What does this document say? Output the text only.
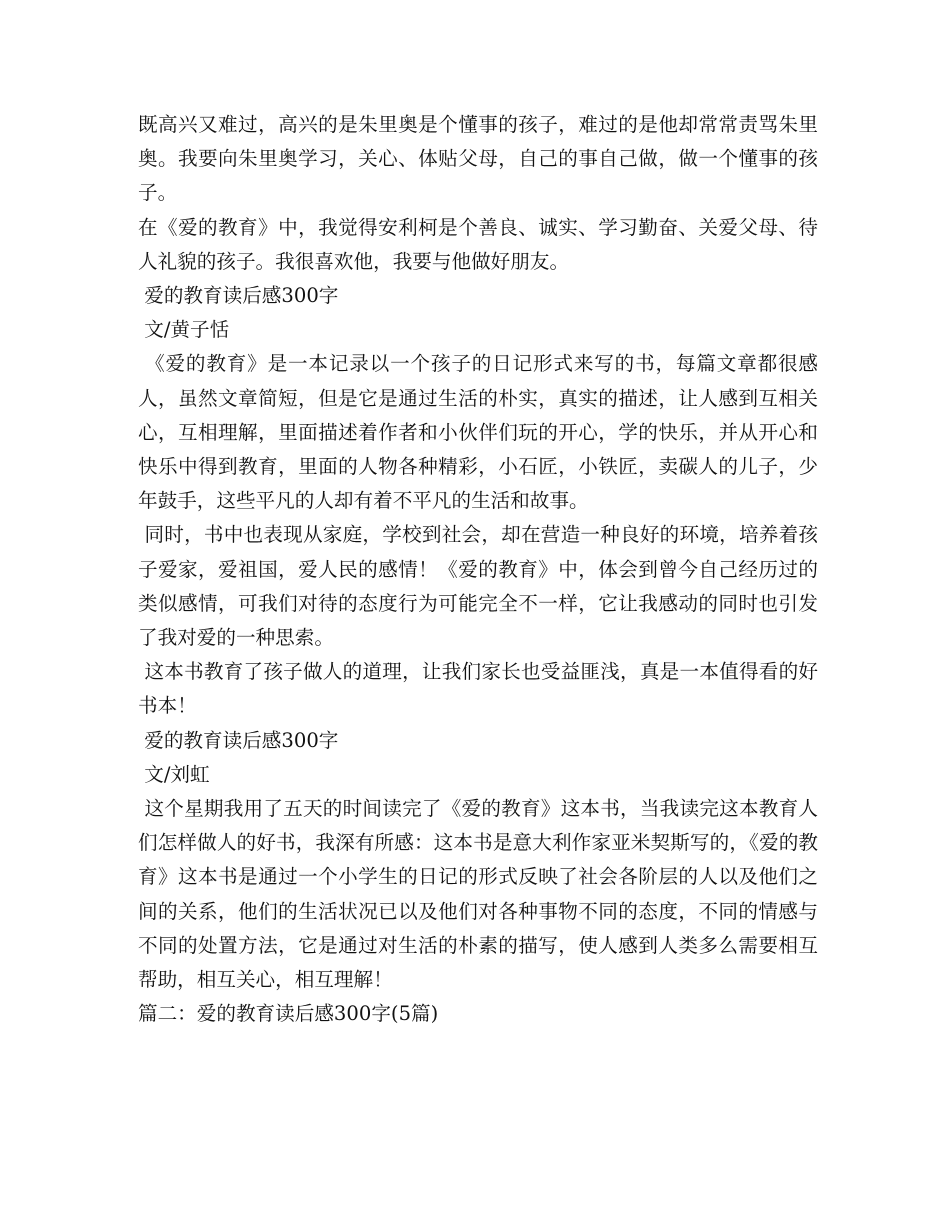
既高兴又难过，高兴的是朱里奥是个懂事的孩子，难过的是他却常常责骂朱里奥。我要向朱里奥学习，关心、体贴父母，自己的事自己做，做一个懂事的孩子。

在《爱的教育》中，我觉得安利柯是个善良、诚实、学习勤奋、关爱父母、待人礼貌的孩子。我很喜欢他，我要与他做好朋友。

爱的教育读后感300字

文/黄子恬

《爱的教育》是一本记录以一个孩子的日记形式来写的书，每篇文章都很感人，虽然文章简短，但是它是通过生活的朴实，真实的描述，让人感到互相关心，互相理解，里面描述着作者和小伙伴们玩的开心，学的快乐，并从开心和快乐中得到教育，里面的人物各种精彩，小石匠，小铁匠，卖碳人的儿子，少年鼓手，这些平凡的人却有着不平凡的生活和故事。

同时，书中也表现从家庭，学校到社会，却在营造一种良好的环境，培养着孩子爱家，爱祖国，爱人民的感情！《爱的教育》中，体会到曾今自己经历过的类似感情，可我们对待的态度行为可能完全不一样，它让我感动的同时也引发了我对爱的一种思索。

这本书教育了孩子做人的道理，让我们家长也受益匪浅，真是一本值得看的好书本！

爱的教育读后感300字

文/刘虹

这个星期我用了五天的时间读完了《爱的教育》这本书，当我读完这本教育人们怎样做人的好书，我深有所感：这本书是意大利作家亚米契斯写的，《爱的教育》这本书是通过一个小学生的日记的形式反映了社会各阶层的人以及他们之间的关系，他们的生活状况已以及他们对各种事物不同的态度，不同的情感与不同的处置方法，它是通过对生活的朴素的描写，使人感到人类多么需要相互帮助，相互关心，相互理解！

篇二：爱的教育读后感300字(5篇)
